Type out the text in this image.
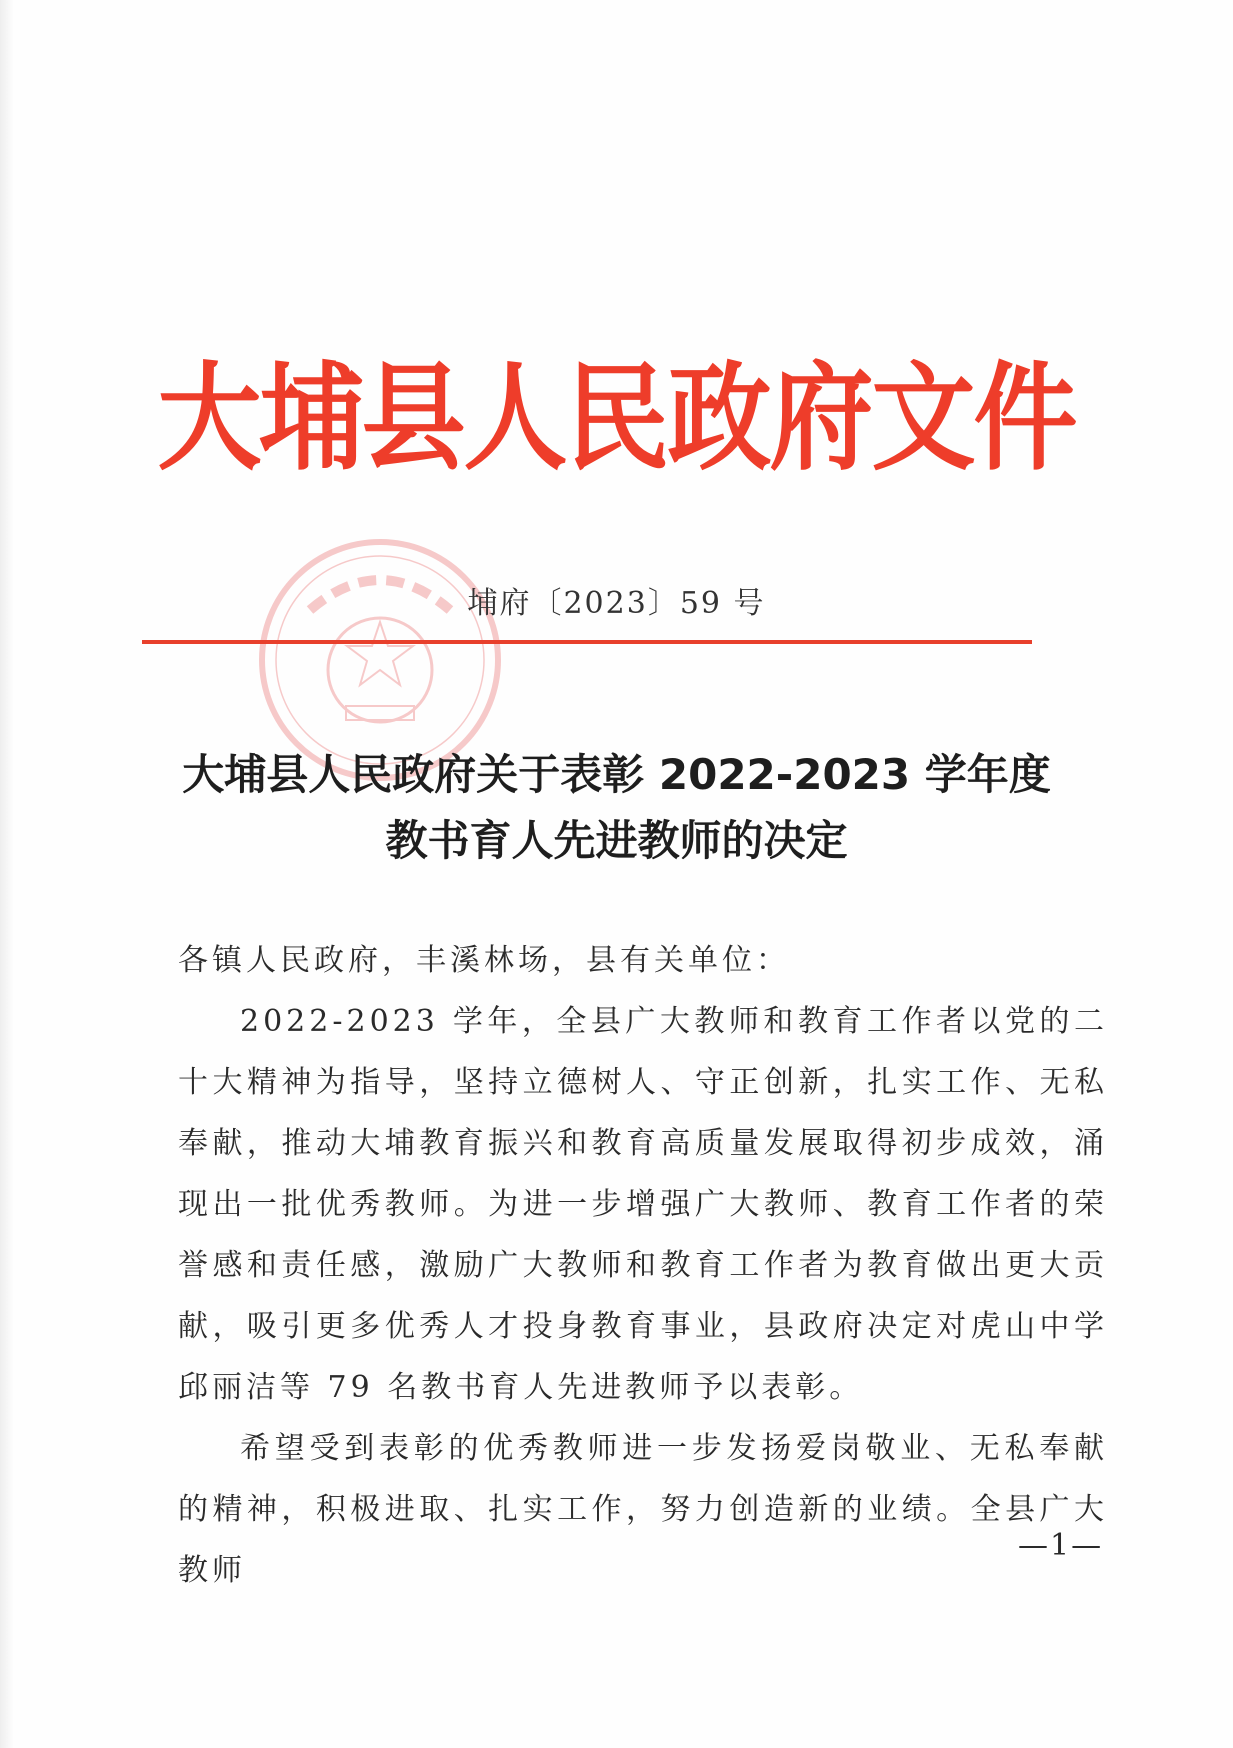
大埔县人民政府文件
埔府〔2023〕59 号
大埔县人民政府关于表彰 2022-2023 学年度
教书育人先进教师的决定

各镇人民政府，丰溪林场，县有关单位：

2022-2023 学年，全县广大教师和教育工作者以党的二十大精神为指导，坚持立德树人、守正创新，扎实工作、无私奉献，推动大埔教育振兴和教育高质量发展取得初步成效，涌现出一批优秀教师。为进一步增强广大教师、教育工作者的荣誉感和责任感，激励广大教师和教育工作者为教育做出更大贡献，吸引更多优秀人才投身教育事业，县政府决定对虎山中学邱丽洁等 79 名教书育人先进教师予以表彰。

希望受到表彰的优秀教师进一步发扬爱岗敬业、无私奉献的精神，积极进取、扎实工作，努力创造新的业绩。全县广大教师

—1—
